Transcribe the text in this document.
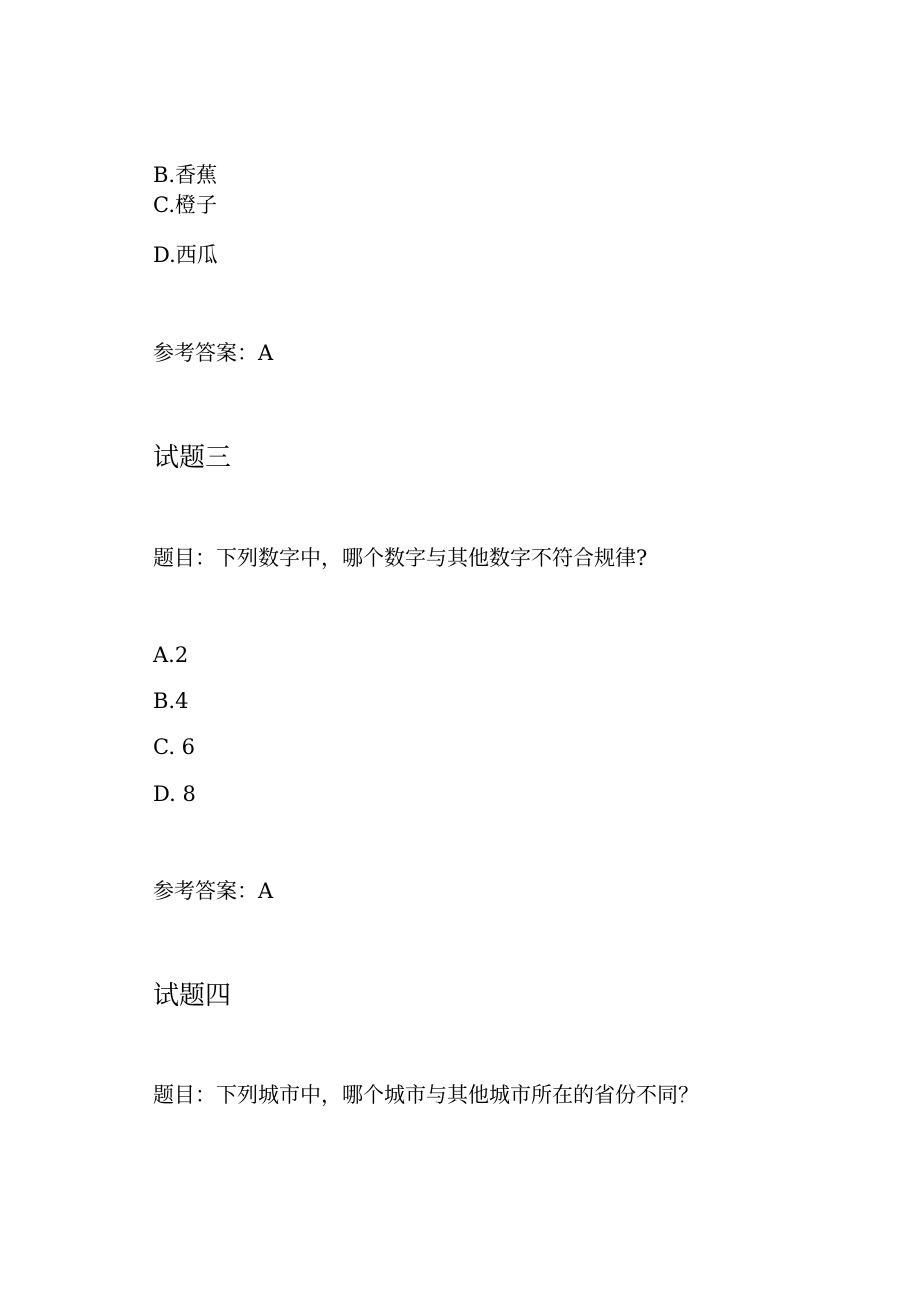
B.香蕉
C.橙子
D.西瓜
参考答案：A
试题三
题目：下列数字中，哪个数字与其他数字不符合规律?
A.2
B.4
C. 6
D. 8
参考答案：A
试题四
题目：下列城市中，哪个城市与其他城市所在的省份不同？
